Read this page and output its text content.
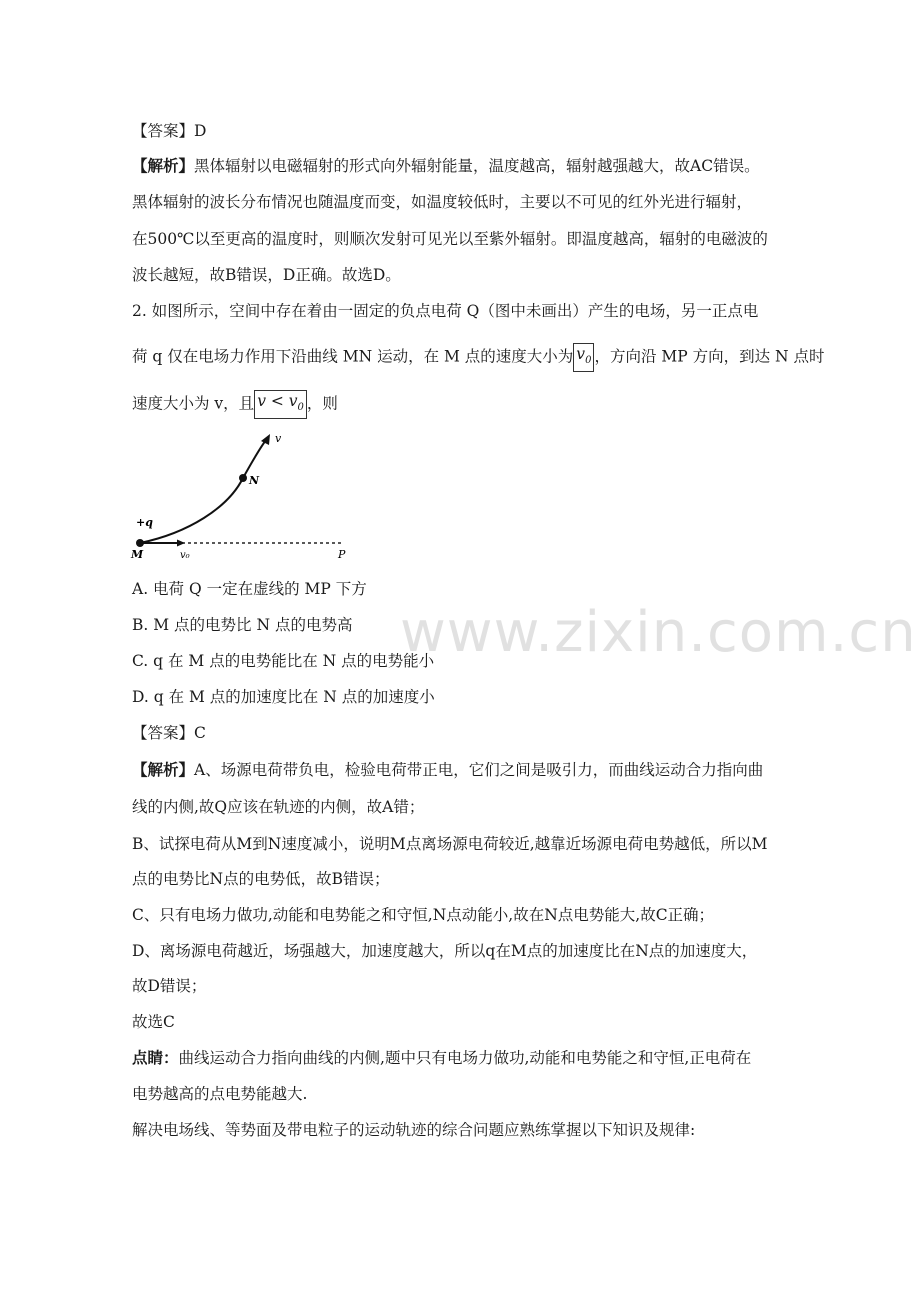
www.zixin.com.cn
【答案】D
【解析】黑体辐射以电磁辐射的形式向外辐射能量，温度越高，辐射越强越大，故AC错误。
黑体辐射的波长分布情况也随温度而变，如温度较低时，主要以不可见的红外光进行辐射，
在500℃以至更高的温度时，则顺次发射可见光以至紫外辐射。即温度越高，辐射的电磁波的
波长越短，故B错误，D正确。故选D。
2. 如图所示，空间中存在着由一固定的负点电荷 Q（图中未画出）产生的电场，另一正点电
荷 q 仅在电场力作用下沿曲线 MN 运动，在 M 点的速度大小为 $v_0$ ，方向沿 MP 方向，到达 N 点时
速度大小为 v，且 $v < v_0$ ，则
v
N
+q
M	v₀	P
A. 电荷 Q 一定在虚线的 MP 下方
B. M 点的电势比 N 点的电势高
C. q 在 M 点的电势能比在 N 点的电势能小
D. q 在 M 点的加速度比在 N 点的加速度小
【答案】C
【解析】A、场源电荷带负电，检验电荷带正电，它们之间是吸引力，而曲线运动合力指向曲
线的内侧,故Q应该在轨迹的内侧，故A错；
B、试探电荷从M到N速度减小，说明M点离场源电荷较近,越靠近场源电荷电势越低，所以M
点的电势比N点的电势低，故B错误；
C、只有电场力做功,动能和电势能之和守恒,N点动能小,故在N点电势能大,故C正确；
D、离场源电荷越近，场强越大，加速度越大，所以q在M点的加速度比在N点的加速度大，
故D错误；
故选C
点睛：曲线运动合力指向曲线的内侧,题中只有电场力做功,动能和电势能之和守恒,正电荷在
电势越高的点电势能越大.
解决电场线、等势面及带电粒子的运动轨迹的综合问题应熟练掌握以下知识及规律:
